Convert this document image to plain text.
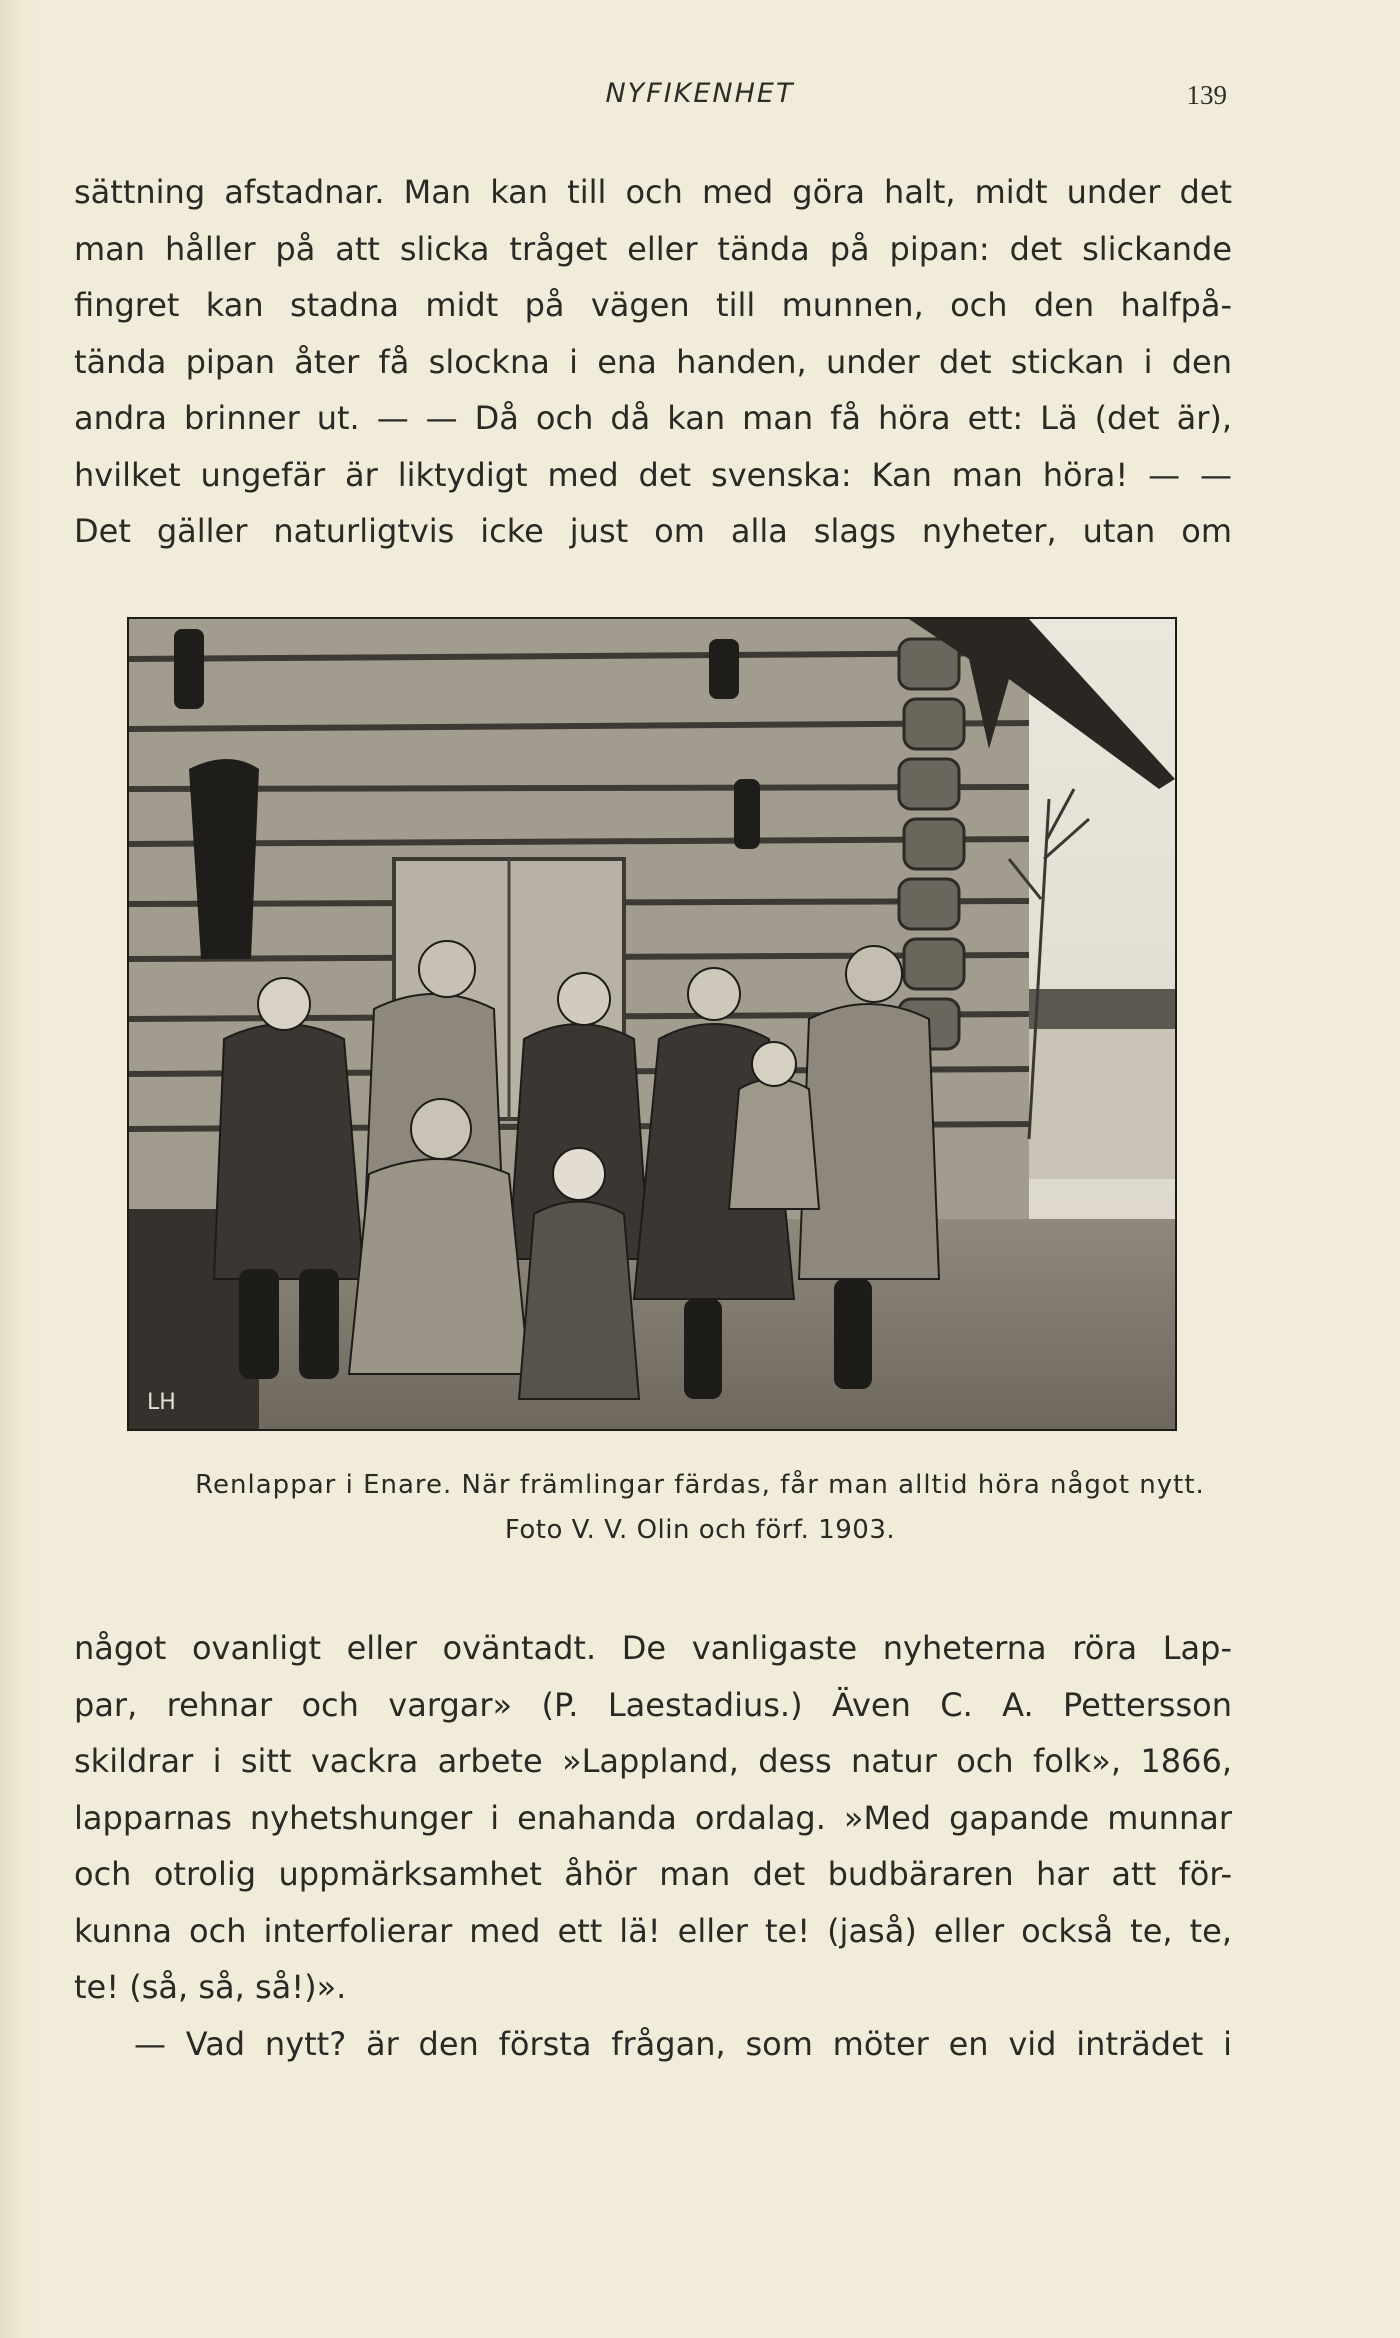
NYFIKENHET	139
sättning afstadnar. Man kan till och med göra halt, midt under det
man håller på att slicka tråget eller tända på pipan: det slickande
fingret kan stadna midt på vägen till munnen, och den halfpå-
tända pipan åter få slockna i ena handen, under det stickan i den
andra brinner ut. — — Då och då kan man få höra ett: Lä (det är),
hvilket ungefär är liktydigt med det svenska: Kan man höra! — —
Det gäller naturligtvis icke just om alla slags nyheter, utan om
LH
Renlappar i Enare. När främlingar färdas, får man alltid höra något nytt.
Foto V. V. Olin och förf. 1903.
något ovanligt eller oväntadt. De vanligaste nyheterna röra Lap-
par, rehnar och vargar» (P. Laestadius.) Även C. A. Pettersson
skildrar i sitt vackra arbete »Lappland, dess natur och folk», 1866,
lapparnas nyhetshunger i enahanda ordalag. »Med gapande munnar
och otrolig uppmärksamhet åhör man det budbäraren har att för-
kunna och interfolierar med ett lä! eller te! (jaså) eller också te, te,
te! (så, så, så!)».
— Vad nytt? är den första frågan, som möter en vid inträdet i
